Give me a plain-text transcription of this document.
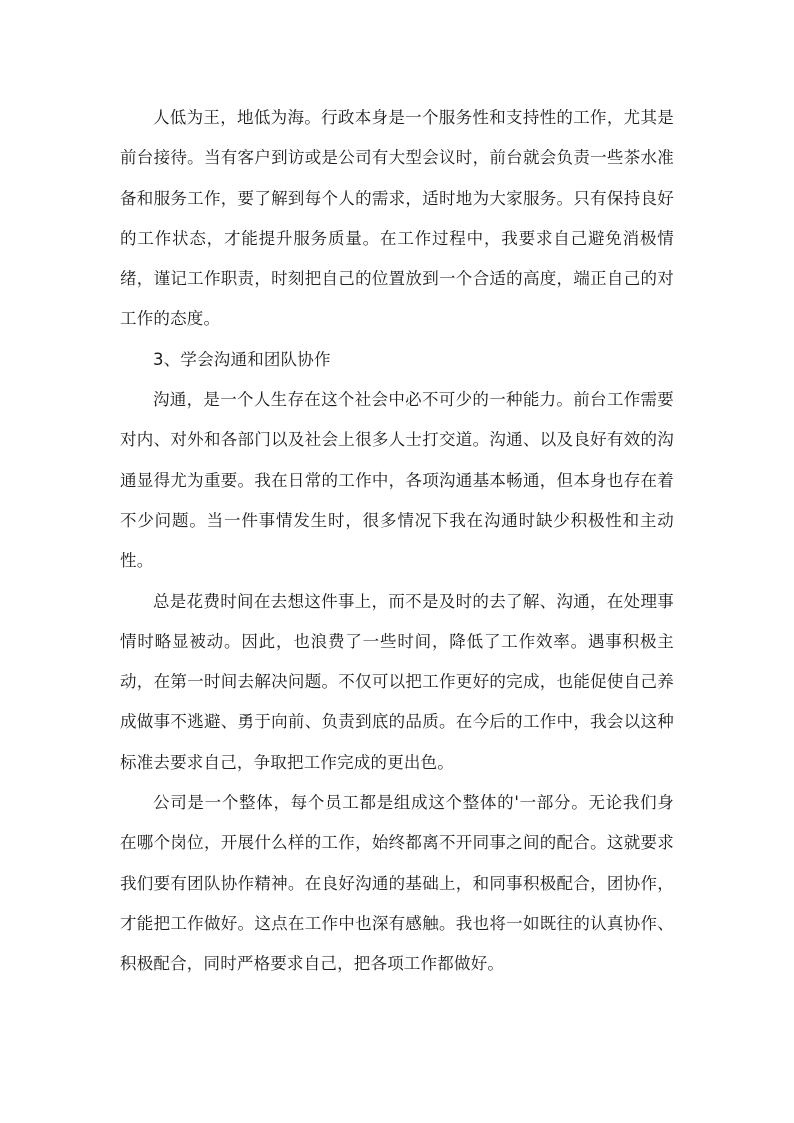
人低为王，地低为海。行政本身是一个服务性和支持性的工作，尤其是前台接待。当有客户到访或是公司有大型会议时，前台就会负责一些茶水准备和服务工作，要了解到每个人的需求，适时地为大家服务。只有保持良好的工作状态，才能提升服务质量。在工作过程中，我要求自己避免消极情绪，谨记工作职责，时刻把自己的位置放到一个合适的高度，端正自己的对工作的态度。

3、学会沟通和团队协作

沟通，是一个人生存在这个社会中必不可少的一种能力。前台工作需要对内、对外和各部门以及社会上很多人士打交道。沟通、以及良好有效的沟通显得尤为重要。我在日常的工作中，各项沟通基本畅通，但本身也存在着不少问题。当一件事情发生时，很多情况下我在沟通时缺少积极性和主动性。

总是花费时间在去想这件事上，而不是及时的去了解、沟通，在处理事情时略显被动。因此，也浪费了一些时间，降低了工作效率。遇事积极主动，在第一时间去解决问题。不仅可以把工作更好的完成，也能促使自己养成做事不逃避、勇于向前、负责到底的品质。在今后的工作中，我会以这种标准去要求自己，争取把工作完成的更出色。

公司是一个整体，每个员工都是组成这个整体的'一部分。无论我们身在哪个岗位，开展什么样的工作，始终都离不开同事之间的配合。这就要求我们要有团队协作精神。在良好沟通的基础上，和同事积极配合，团协作，才能把工作做好。这点在工作中也深有感触。我也将一如既往的认真协作、积极配合，同时严格要求自己，把各项工作都做好。
